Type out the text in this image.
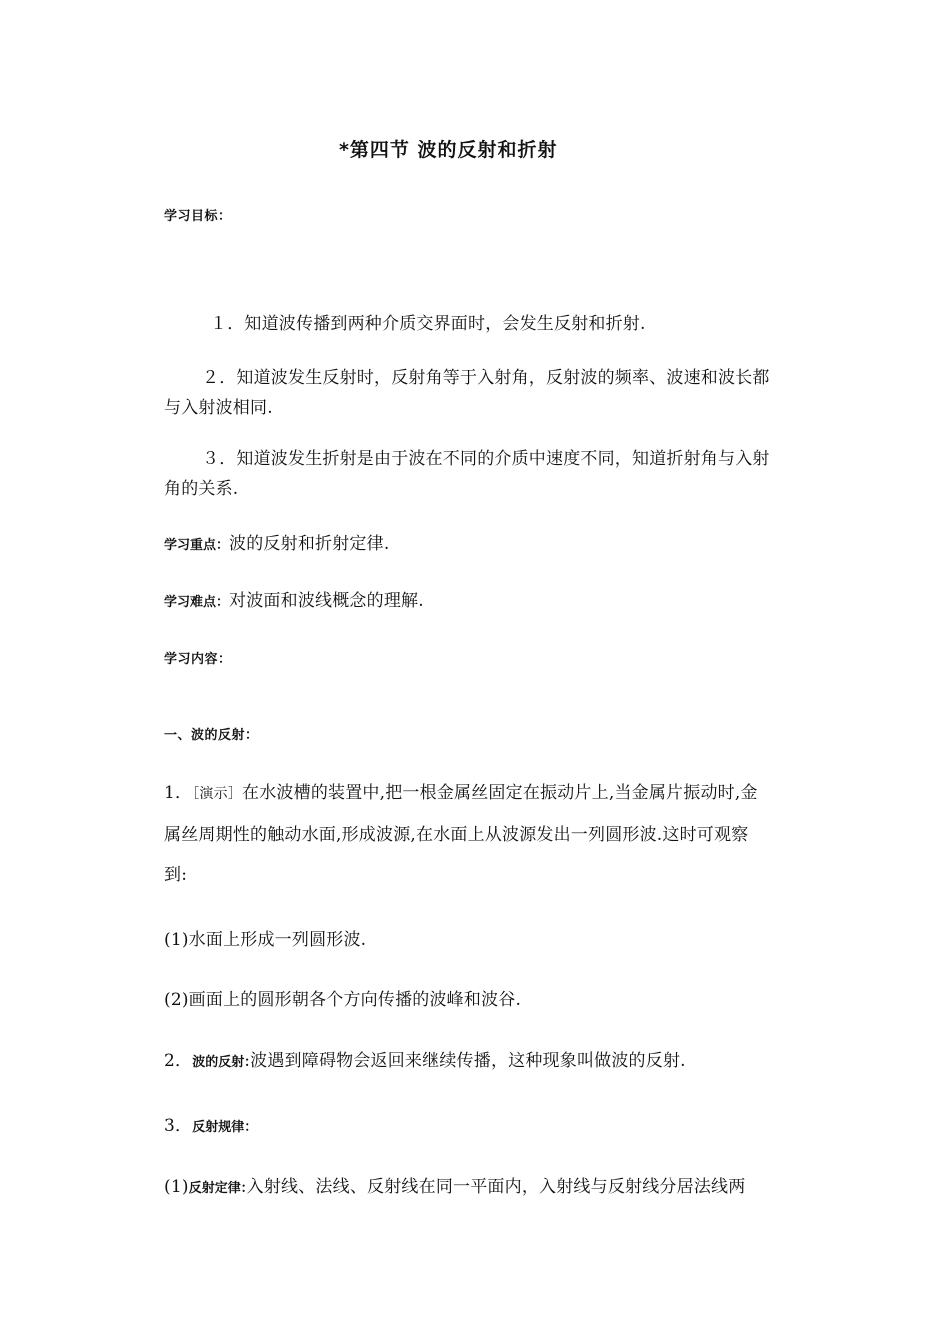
*第四节 波的反射和折射
学习目标：
１．知道波传播到两种介质交界面时，会发生反射和折射.
２．知道波发生反射时，反射角等于入射角，反射波的频率、波速和波长都
与入射波相同.
３．知道波发生折射是由于波在不同的介质中速度不同，知道折射角与入射
角的关系.
学习重点：波的反射和折射定律.
学习难点：对波面和波线概念的理解.
学习内容：
一、波的反射：
1．［演示］在水波槽的装置中,把一根金属丝固定在振动片上,当金属片振动时,金
属丝周期性的触动水面,形成波源,在水面上从波源发出一列圆形波.这时可观察
到:
(1)水面上形成一列圆形波.
(2)画面上的圆形朝各个方向传播的波峰和波谷.
2．波的反射:波遇到障碍物会返回来继续传播，这种现象叫做波的反射.
3．反射规律：
(1)反射定律:入射线、法线、反射线在同一平面内，入射线与反射线分居法线两
